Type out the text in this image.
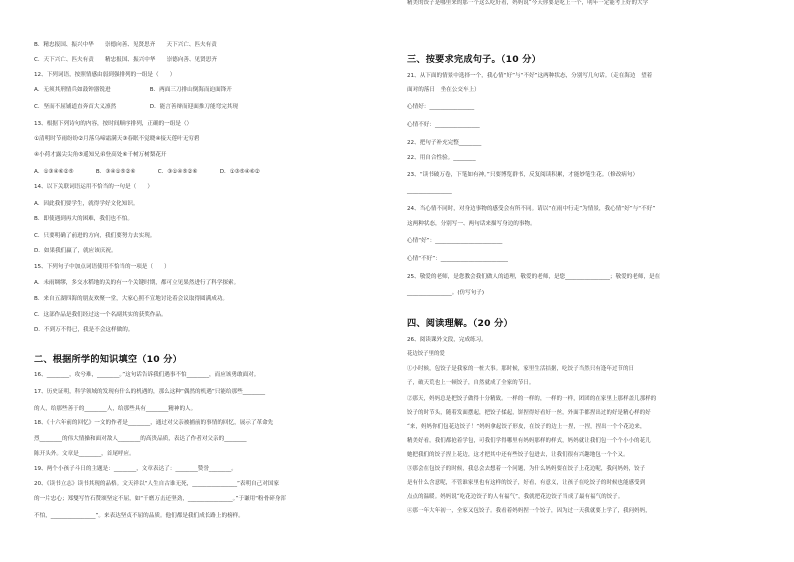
B．精忠报国、振兴中华　　崇德向善、见贤思齐　　天下兴亡、匹夫有责
C．天下兴亡、匹夫有责　　精忠报国、振兴中华　　崇德向善、见贤思齐
12、下列词语，按照情感由弱到强排列的一组是（　　）
A．无须其刑情兵如鼓钟器锐进　　　　　　　B．两面三刀排山倒海而迫面锋开
C．坚而不屈铺道直奔首大义凛然　　　　　　D．能言善辩而迎面推刀能弯完其现
13、根据下列诗句的内容，按时间顺序排列，正确的一组是（）
①清明时节雨纷纷②月落乌啼霜满天③春眠不觉晓④接天莲叶无穷碧
④小荷才露尖尖角⑤遥知兄弟登高处⑥千树万树梨花开
A．①③④⑥②⑤　　　　B．③④①⑤②⑥　　　　C．③①④⑤②⑥　　　　D．①③⑤④⑥②
14、以下关联词语运用不恰当的一句是（　　）
A．因此我们要学生，就得学好文化知识。
B．即使遇到再大的困难，我们也不怕。
C．只要明确了前进的方向，我们要努力去实现。
D．如果我们赢了，就应该庆祝。
15、下列句子中加点词语使用不恰当的一项是（　　）
A．未雨绸缪，多交水稻地的关的有一个关键时期，都可立见果然进行了科学探索。
B．来自五湖四海的朋友欢聚一堂，大家心照不宣地讨论着会议取得圆满成功。
C．这部作品是我们经过这一个名副其实的获奖作品。
D．不到万不得已，我是不会这样做的。
二、根据所学的知识填空（10 分）
16、________，攻兮难，________。”这句话告诉我们遇事不怕________，而应该勇敢面对。
17、历史证明，科学领域的发现有什么的机遇的，那么这种“偶然的机遇”只能给那些________
的人，给那些善于的________人，给那些具有________精神的人。
18、《十六年前的回忆》一文的作者是________，通过对父亲被捕前的事情的回忆，展示了革命先
烈________的伟大情操和面对敌人________的高贵品质，表达了作者对父亲的________
陈开头外。文章是________，首尾呼应。
19、两个小孩子斗日的主题是：________，文章表达了：________赞誉________。
20、《读书立志》读书其现的品格。文天祥以“人生自古谁无死，________________”表明自己对国家
的一片忠心；郑燮写竹石赞颂坚定不屈，如“千磨万击还坚劲，________________。”于谦用“粉骨碎身浑
不怕，________________”。来表达坚贞不屈的品质。他们都是我们成长路上的榜样。
三、按要求完成句子。（10 分）
21、从下面的情景中选择一个，我心情“好”与“不好”这两种状态，分别写几句话。（走在海边　望着
面对的落日　坐在公交车上）
心情好：________________
心情不好：________________
22、把句子补充完整________
22、用自合性验。________
23、“读书破万卷，下笔如有神。”只要博览群书，反复阅读积累，才能妙笔生花。（修改病句）
________________
24、当心情不同时，对身边事物的感受会有所不同。请以“在雨中行走”为情景，我心情“好”与“不好”
这两种状态，分别写一、两句话来描写身边的事物。
心情“好”：________________________
心情“不好”：________________________
25、敬爱的老师，是您教会我们做人的道理，敬爱的老师，是您________________；敬爱的老师，是在
________________。(仿写句子)
四、阅读理解。（20 分）
26、阅读课外文段，完成练习。
花边饺子里的爱
①小时候，包饺子是我家的一桩大事。那时候，家里生活拮据，吃饺子当然只有逢年过节的日
子，破天荒也上一顿饺子，自然就成了全家的节日。
②那天，妈妈总是把饺子做得十分精致。一样的一样的，一样的一样，团团的在家里上那样盖儿那样的
饺子的时节头，随着发面摆起，把饺子揉起，饼捏得好看好一丝，外面手都捏出过的好是精心样的好
“来，妈妈你们包花边饺子！”妈妈拿起饺子形皮，在饺子的边上一捏，一捏，捏出一个个花边来，
精美好看，我们都抢着学包，可我们学得哪里有妈妈那样的样式，妈妈就让我们包一个个小小的花儿
她把我们的饺子捏上花边，这才把其中还有些饺子包进去，让我们很有兴趣地包一个个又。
③那会在包饺子的时候，我总会去想着一个问题，为什么妈妈要在饺子上花边呢，我问妈妈，饺子
是有什么含意呢，不管谁家里也有这样的饺子，好看，有意义，让孩子在吃饺子的时候也能感受到
点点的温暖。妈妈说“吃花边饺子的人有福气”，我就把花边饺子当成了最有福气的饺子。
④那一年大年初一，全家又包饺子。我看着妈妈捏一个饺子，因为过一天我就要上学了，我问妈妈，
精美的饺子是哪里来的那一个这么吃好看，妈妈说“今天你要是吃上一个，明年一定能考上好的大学
